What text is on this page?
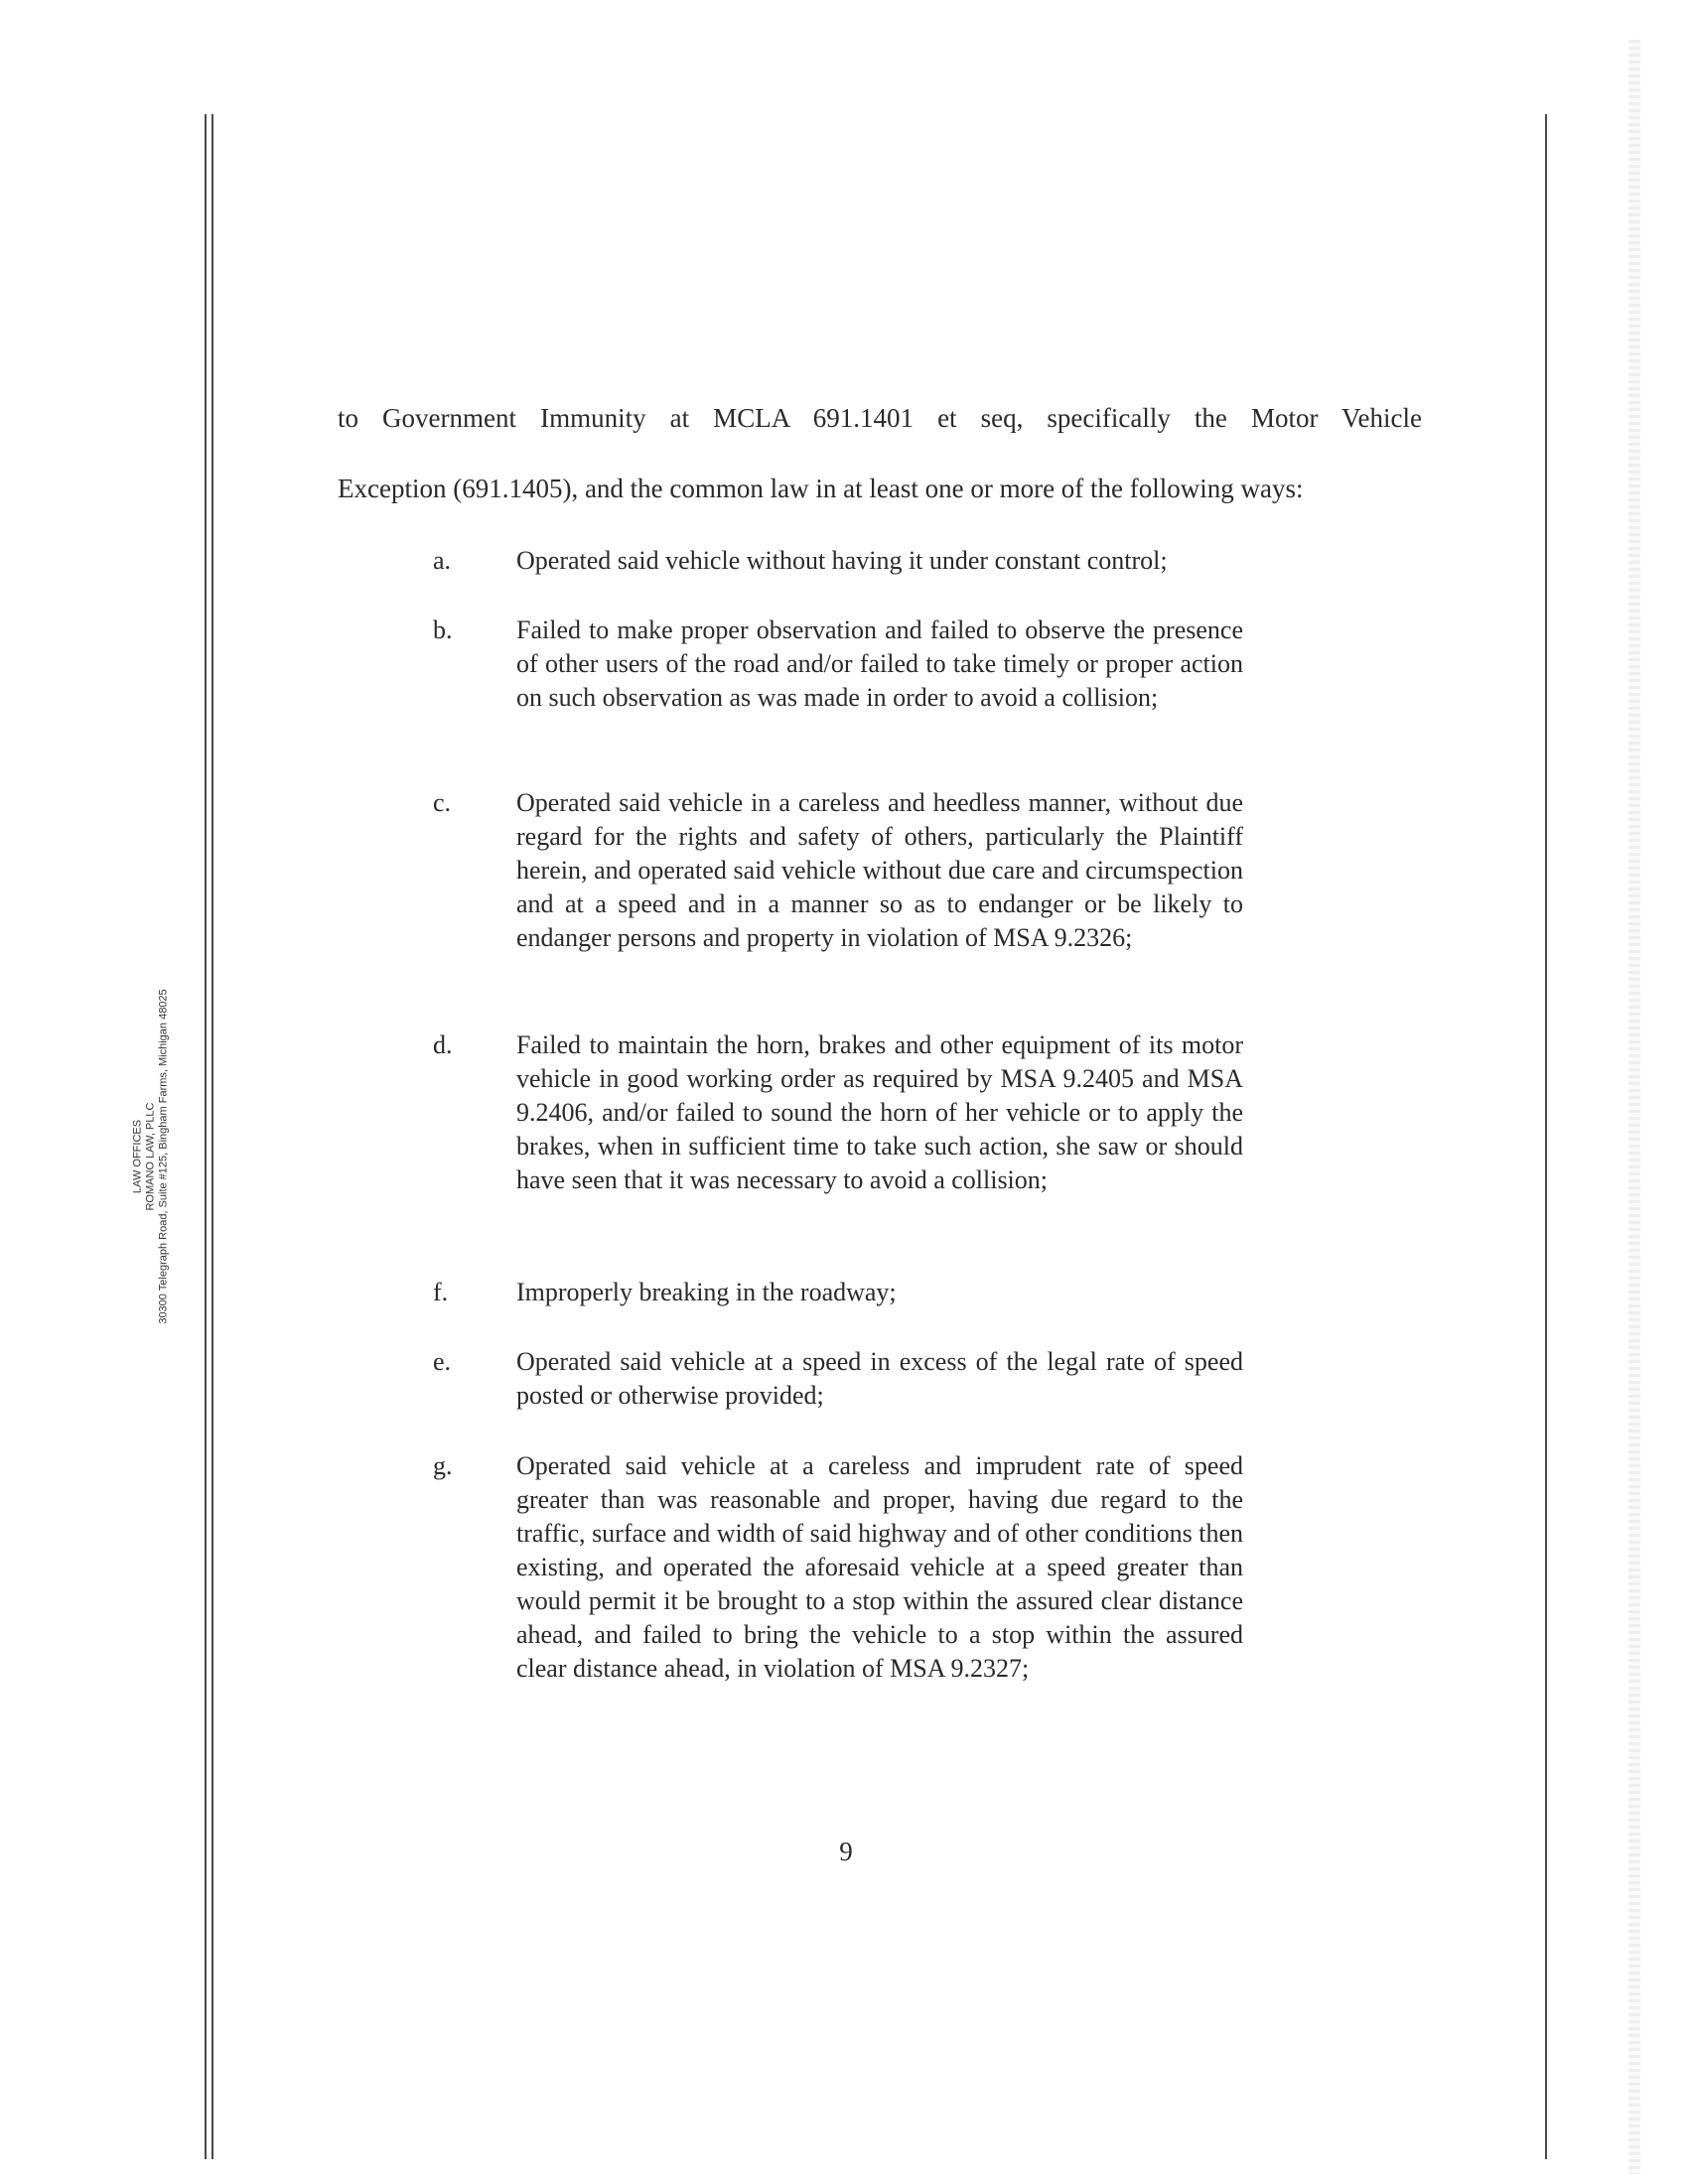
LAW OFFICES ROMANO LAW, PLLC 30300 Telegraph Road, Suite #125, Bingham Farms, Michigan 48025

to Government Immunity at MCLA 691.1401 et seq, specifically the Motor Vehicle

Exception (691.1405), and the common law in at least one or more of the following ways:

a.	Operated said vehicle without having it under constant control;
b. Failed to make proper observation and failed to observe the presence of other users of the road and/or failed to take timely or proper action on such observation as was made in order to avoid a collision;
c.	Operated said vehicle in a careless and heedless manner, without due regard for the rights and safety of others, particularly the Plaintiff herein, and operated said vehicle without due care and circumspection and at a speed and in a manner so as to endanger or be likely to endanger persons and property in violation of MSA 9.2326;
d. Failed to maintain the horn, brakes and other equipment of its motor vehicle in good working order as required by MSA 9.2405 and MSA 9.2406, and/or failed to sound the horn of her vehicle or to apply the brakes, when in sufficient time to take such action, she saw or should have seen that it was necessary to avoid a collision;
f.	Improperly breaking in the roadway;
e.	Operated said vehicle at a speed in excess of the legal rate of speed posted or otherwise provided;
g. Operated said vehicle at a careless and imprudent rate of speed greater than was reasonable and proper, having due regard to the traffic, surface and width of said highway and of other conditions then existing, and operated the aforesaid vehicle at a speed greater than would permit it be brought to a stop within the assured clear distance ahead, and failed to bring the vehicle to a stop within the assured clear distance ahead, in violation of MSA 9.2327;
9
